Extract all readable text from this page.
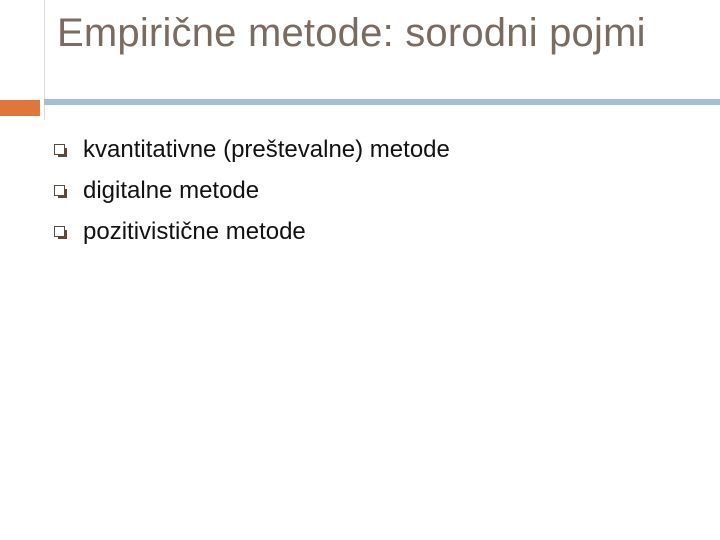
Empirične metode: sorodni pojmi
kvantitativne (preštevalne) metode
digitalne metode
pozitivistične metode
